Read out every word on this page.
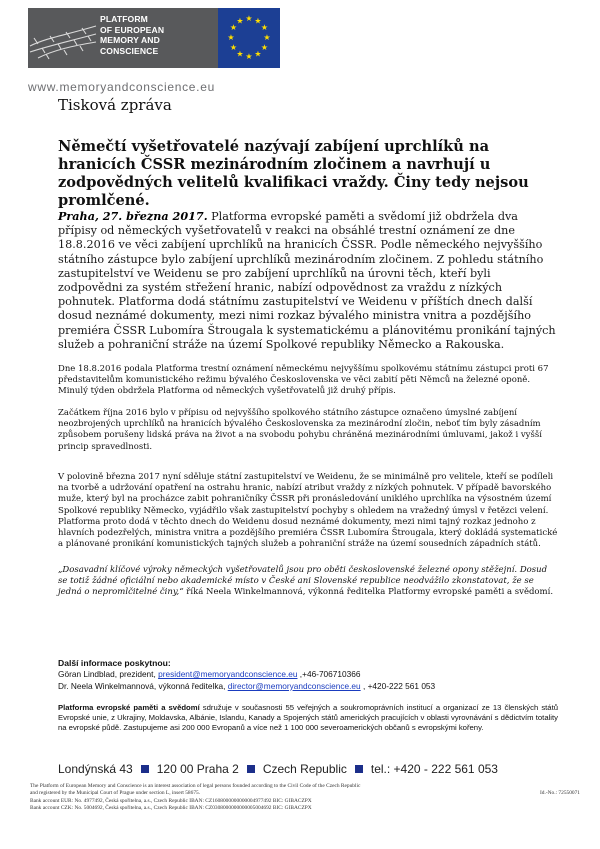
PLATFORM
OF EUROPEAN
MEMORY AND
CONSCIENCE
★ ★
★
★
★
★
★
★
★
★
★
★
www.memoryandconscience.eu
Tisková zpráva
Němečtí vyšetřovatelé nazývají zabíjení uprchlíků na hranicích ČSSR mezinárodním zločinem a navrhují u zodpovědných velitelů kvalifikaci vraždy. Činy tedy nejsou promlčené.
Praha, 27. března 2017. Platforma evropské paměti a svědomí již obdržela dva přípisy od německých vyšetřovatelů v reakci na obsáhlé trestní oznámení ze dne 18.8.2016 ve věci zabíjení uprchlíků na hranicích ČSSR. Podle německého nejvyššího státního zástupce bylo zabíjení uprchlíků mezinárodním zločinem. Z pohledu státního zastupitelství ve Weidenu se pro zabíjení uprchlíků na úrovni těch, kteří byli zodpovědni za systém střežení hranic, nabízí odpovědnost za vraždu z nízkých pohnutek. Platforma dodá státnímu zastupitelství ve Weidenu v příštích dnech další dosud neznámé dokumenty, mezi nimi rozkaz bývalého ministra vnitra a pozdějšího premiéra ČSSR Lubomíra Štrougala k systematickému a plánovitému pronikání tajných služeb a pohraniční stráže na území Spolkové republiky Německo a Rakouska.

Dne 18.8.2016 podala Platforma trestní oznámení německému nejvyššímu spolkovému státnímu zástupci proti 67 představitelům komunistického režimu bývalého Československa ve věci zabití pěti Němců na železné oponě. Minulý týden obdržela Platforma od německých vyšetřovatelů již druhý přípis.

Začátkem října 2016 bylo v přípisu od nejvyššího spolkového státního zástupce označeno úmyslné zabíjení neozbrojených uprchlíků na hranicích bývalého Československa za mezinárodní zločin, neboť tím byly zásadním způsobem porušeny lidská práva na život a na svobodu pohybu chráněná mezinárodními úmluvami, jakož i vyšší princip spravedlnosti.

V polovině března 2017 nyní sděluje státní zastupitelství ve Weidenu, že se minimálně pro velitele, kteří se podíleli na tvorbě a udržování opatření na ostrahu hranic, nabízí atribut vraždy z nízkých pohnutek. V případě bavorského muže, který byl na procházce zabit pohraničníky ČSSR při pronásledování uniklého uprchlíka na výsostném území Spolkové republiky Německo, vyjádřilo však zastupitelství pochyby s ohledem na vražedný úmysl v řetězci velení. Platforma proto dodá v těchto dnech do Weidenu dosud neznámé dokumenty, mezi nimi tajný rozkaz jednoho z hlavních podezřelých, ministra vnitra a pozdějšího premiéra ČSSR Lubomíra Štrougala, který dokládá systematické a plánované pronikání komunistických tajných služeb a pohraniční stráže na území sousedních západních států.

„Dosavadní klíčové výroky německých vyšetřovatelů jsou pro oběti československé železné opony stěžejní. Dosud se totiž žádné oficiální nebo akademické místo v České ani Slovenské republice neodvážilo zkonstatovat, že se jedná o nepromlčitelné činy,“ říká Neela Winkelmannová, výkonná ředitelka Platformy evropské paměti a svědomí.

Další informace poskytnou:
Göran Lindblad, prezident, president@memoryandconscience.eu ,+46-706710366
Dr. Neela Winkelmannová, výkonná ředitelka, director@memoryandconscience.eu , +420-222 561 053
Platforma evropské paměti a svědomí sdružuje v současnosti 55 veřejných a soukromoprávních institucí a organizací ze 13 členských států Evropské unie, z Ukrajiny, Moldavska, Albánie, Islandu, Kanady a Spojených států amerických pracujících v oblasti vyrovnávání s dědictvím totality na evropské půdě. Zastupujeme asi 200 000 Evropanů a více než 1 100 000 severoamerických občanů s evropskými kořeny.
Londýnská 43 120 00 Praha 2 Czech Republic tel.: +420 - 222 561 053
The Platform of European Memory and Conscience is an interest association of legal persons founded according to the Civil Code of the Czech Republic
and registered by the Municipal Court of Prague under section L, insert 58675.	Id.-No.: 72550071
Bank account EUR: No. 4977492, Česká spořitelna, a.s., Czech Republic IBAN: CZ1608000000000004977492 BIC: GIBACZPX
Bank account CZK: No. 5004692, Česká spořitelna, a.s., Czech Republic IBAN: CZ0308000000000005004692 BIC: GIBACZPX
